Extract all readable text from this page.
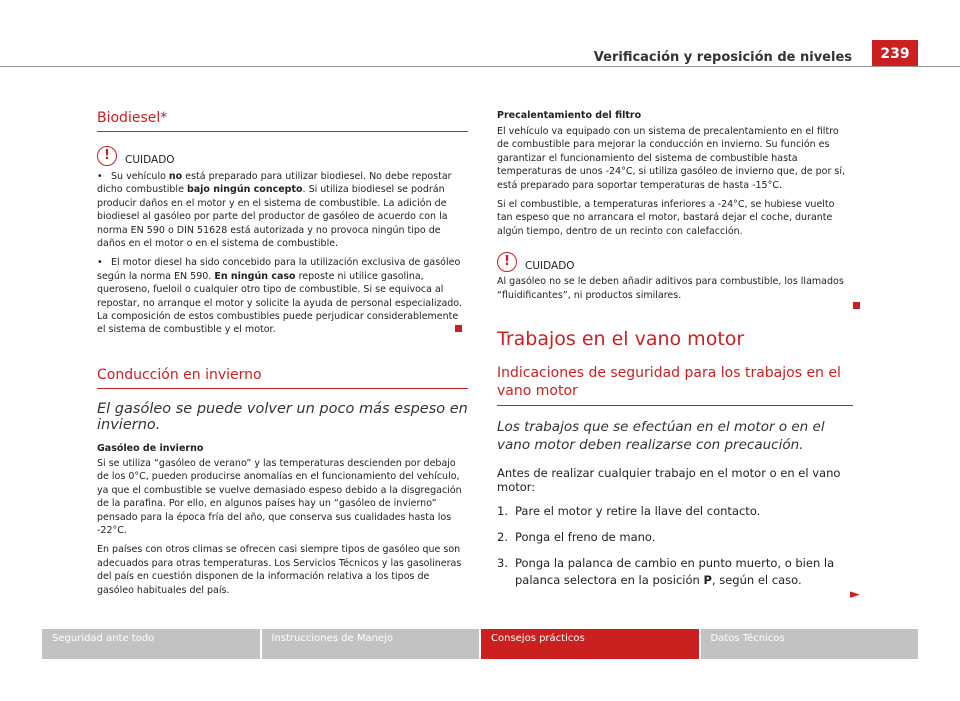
Verificación y reposición de niveles	239
Biodiesel*
!	CUIDADO

• Su vehículo no está preparado para utilizar biodiesel. No debe repostar dicho combustible bajo ningún concepto. Si utiliza biodiesel se podrán producir daños en el motor y en el sistema de combustible. La adición de biodiesel al gasóleo por parte del productor de gasóleo de acuerdo con la norma EN 590 o DIN 51628 está autorizada y no provoca ningún tipo de daños en el motor o en el sistema de combustible.

• El motor diesel ha sido concebido para la utilización exclusiva de gasóleo según la norma EN 590. En ningún caso reposte ni utilice gasolina, queroseno, fueloil o cualquier otro tipo de combustible. Si se equivoca al repostar, no arranque el motor y solicite la ayuda de personal especializado. La composición de estos combustibles puede perjudicar considerablemente el sistema de combustible y el motor.

Conducción en invierno
El gasóleo se puede volver un poco más espeso en invierno.
Gasóleo de invierno

Si se utiliza “gasóleo de verano” y las temperaturas descienden por debajo de los 0°C, pueden producirse anomalías en el funcionamiento del vehículo, ya que el combustible se vuelve demasiado espeso debido a la disgregación de la parafina. Por ello, en algunos países hay un “gasóleo de invierno” pensado para la época fría del año, que conserva sus cualidades hasta los -22°C.

En países con otros climas se ofrecen casi siempre tipos de gasóleo que son adecuados para otras temperaturas. Los Servicios Técnicos y las gasolineras del país en cuestión disponen de la información relativa a los tipos de gasóleo habituales del país.

Precalentamiento del filtro

El vehículo va equipado con un sistema de precalentamiento en el filtro de combustible para mejorar la conducción en invierno. Su función es garantizar el funcionamiento del sistema de combustible hasta temperaturas de unos -24°C, si utiliza gasóleo de invierno que, de por sí, está preparado para soportar temperaturas de hasta -15°C.

Si el combustible, a temperaturas inferiores a -24°C, se hubiese vuelto tan espeso que no arrancara el motor, bastará dejar el coche, durante algún tiempo, dentro de un recinto con calefacción.

!	CUIDADO

Al gasóleo no se le deben añadir aditivos para combustible, los llamados “fluidificantes”, ni productos similares.

Trabajos en el vano motor
Indicaciones de seguridad para los trabajos en el vano motor
Los trabajos que se efectúan en el motor o en el vano motor deben realizarse con precaución.
Antes de realizar cualquier trabajo en el motor o en el vano motor:
1. Pare el motor y retire la llave del contacto.
2. Ponga el freno de mano.
3. Ponga la palanca de cambio en punto muerto, o bien la palanca selectora en la posición P, según el caso.
►
Seguridad ante todo	Instrucciones de Manejo	Consejos prácticos	Datos Técnicos
